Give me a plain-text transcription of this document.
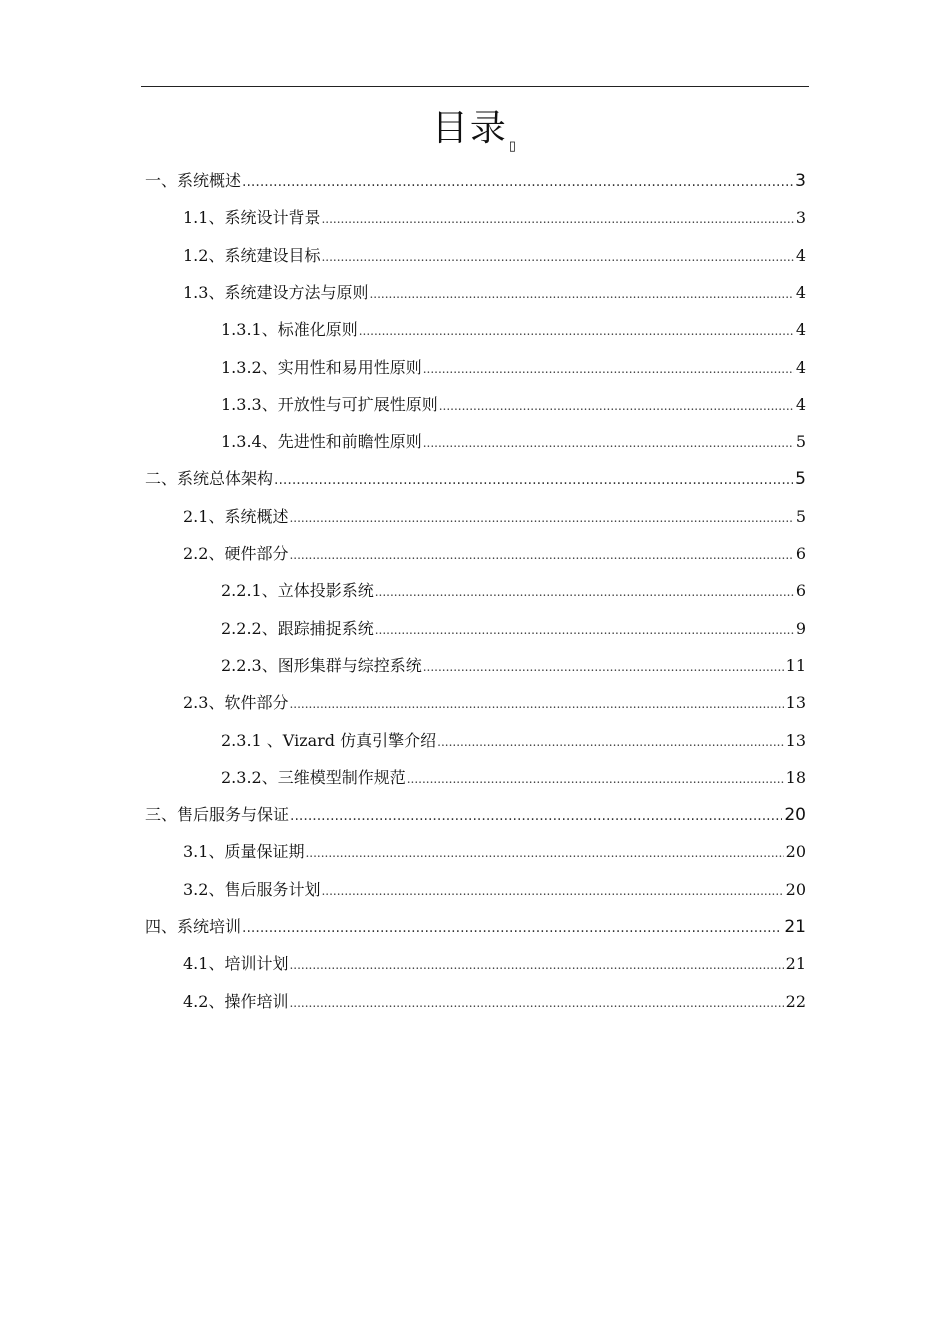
目录$_▯$
一、系统概述 .....	3
1.1、系统设计背景 .....	3
1.2、系统建设目标 .....	4
1.3、系统建设方法与原则 .....	4
1.3.1、标准化原则 .....	4
1.3.2、实用性和易用性原则 .....	4
1.3.3、开放性与可扩展性原则 .....	4
1.3.4、先进性和前瞻性原则 .....	5
二、系统总体架构 .....	5
2.1、系统概述 .....	5
2.2、硬件部分 .....	6
2.2.1、立体投影系统 .....	6
2.2.2、跟踪捕捉系统 .....	9
2.2.3、图形集群与综控系统 .....	11
2.3、软件部分 .....	13
2.3.1 、Vizard 仿真引擎介绍 .....	13
2.3.2、三维模型制作规范 .....	18
三、售后服务与保证 .....	20
3.1、质量保证期 .....	20
3.2、售后服务计划 .....	20
四、系统培训 .....	21
4.1、培训计划 .....	21
4.2、操作培训 .....	22
